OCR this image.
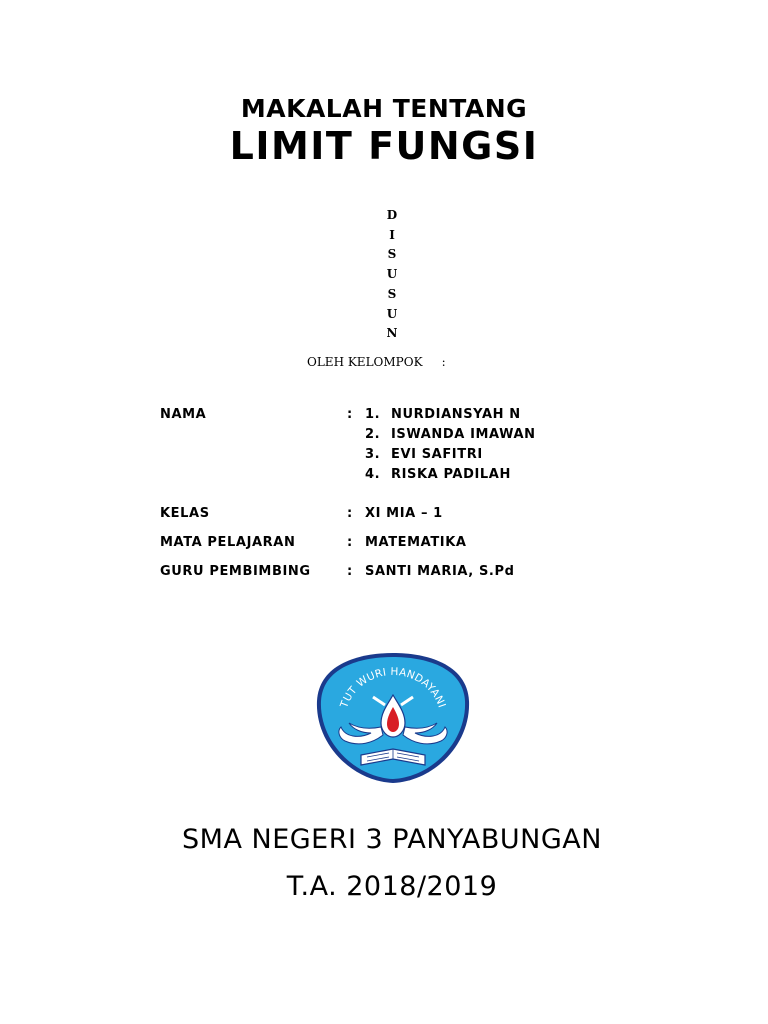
MAKALAH TENTANG
LIMIT FUNGSI
D
I
S
U
S
U
N
OLEH KELOMPOK     :
NAMA	: 1. NURDIANSYAH N
2. ISWANDA IMAWAN
3. EVI SAFITRI
4. RISKA PADILAH
KELAS	: XI MIA – 1
MATA PELAJARAN	: MATEMATIKA
GURU PEMBIMBING	: SANTI MARIA, S.Pd
TUT WURI HANDAYANI
SMA NEGERI 3 PANYABUNGAN
T.A. 2018/2019
